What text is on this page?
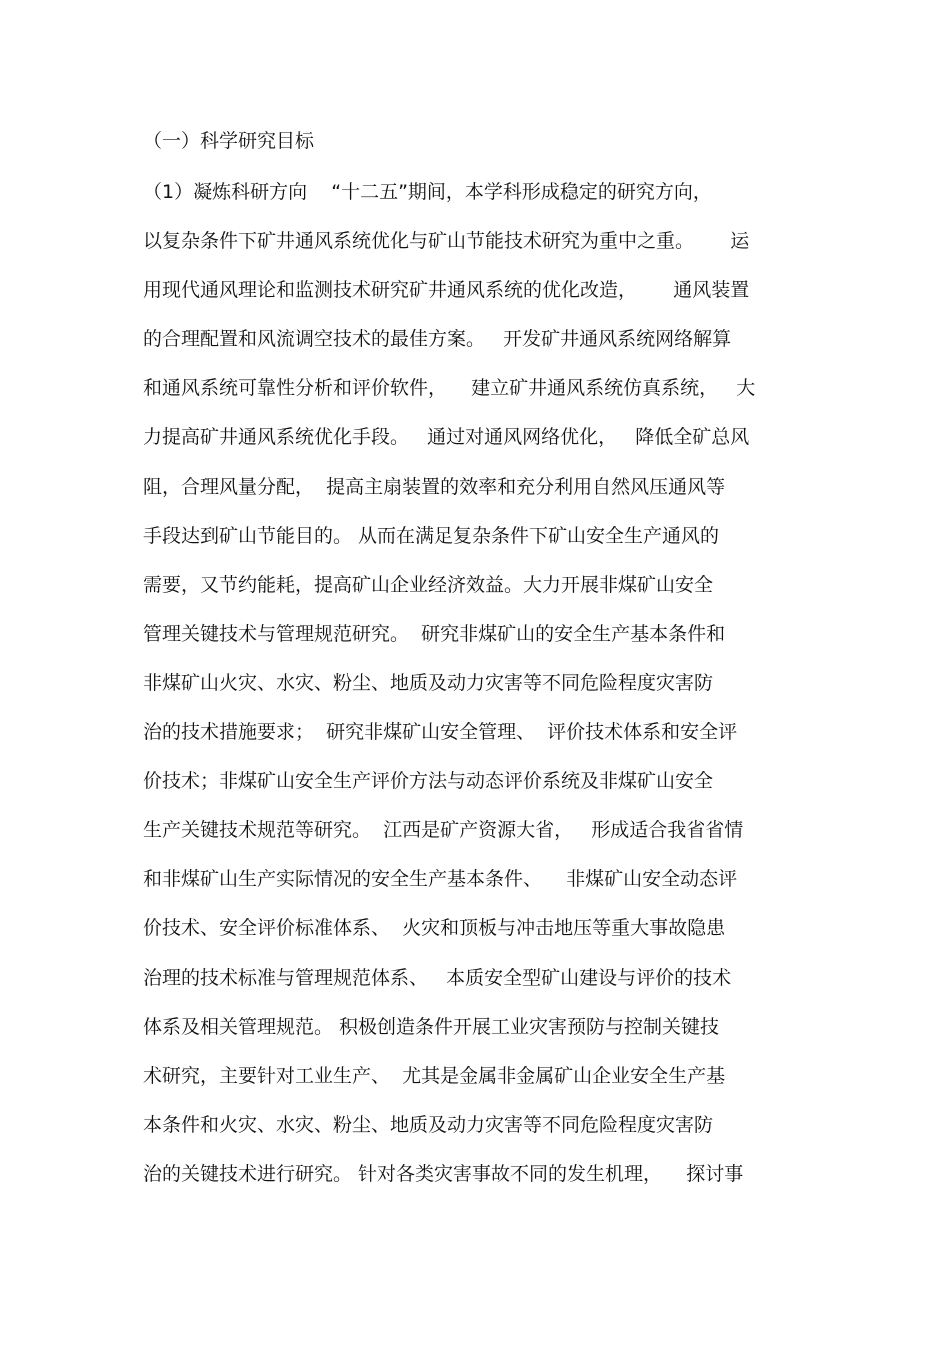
（一）科学研究目标
（1）凝炼科研方向    “十二五”期间，本学科形成稳定的研究方向，
以复杂条件下矿井通风系统优化与矿山节能技术研究为重中之重。      运
用现代通风理论和监测技术研究矿井通风系统的优化改造，      通风装置
的合理配置和风流调空技术的最佳方案。   开发矿井通风系统网络解算
和通风系统可靠性分析和评价软件，    建立矿井通风系统仿真系统，   大
力提高矿井通风系统优化手段。   通过对通风网络优化，   降低全矿总风
阻，合理风量分配，  提高主扇装置的效率和充分利用自然风压通风等
手段达到矿山节能目的。 从而在满足复杂条件下矿山安全生产通风的
需要，又节约能耗，提高矿山企业经济效益。大力开展非煤矿山安全
管理关键技术与管理规范研究。  研究非煤矿山的安全生产基本条件和
非煤矿山火灾、水灾、粉尘、地质及动力灾害等不同危险程度灾害防
治的技术措施要求；  研究非煤矿山安全管理、  评价技术体系和安全评
价技术；非煤矿山安全生产评价方法与动态评价系统及非煤矿山安全
生产关键技术规范等研究。  江西是矿产资源大省，   形成适合我省省情
和非煤矿山生产实际情况的安全生产基本条件、    非煤矿山安全动态评
价技术、安全评价标准体系、  火灾和顶板与冲击地压等重大事故隐患
治理的技术标准与管理规范体系、   本质安全型矿山建设与评价的技术
体系及相关管理规范。 积极创造条件开展工业灾害预防与控制关键技
术研究，主要针对工业生产、  尤其是金属非金属矿山企业安全生产基
本条件和火灾、水灾、粉尘、地质及动力灾害等不同危险程度灾害防
治的关键技术进行研究。 针对各类灾害事故不同的发生机理，    探讨事
